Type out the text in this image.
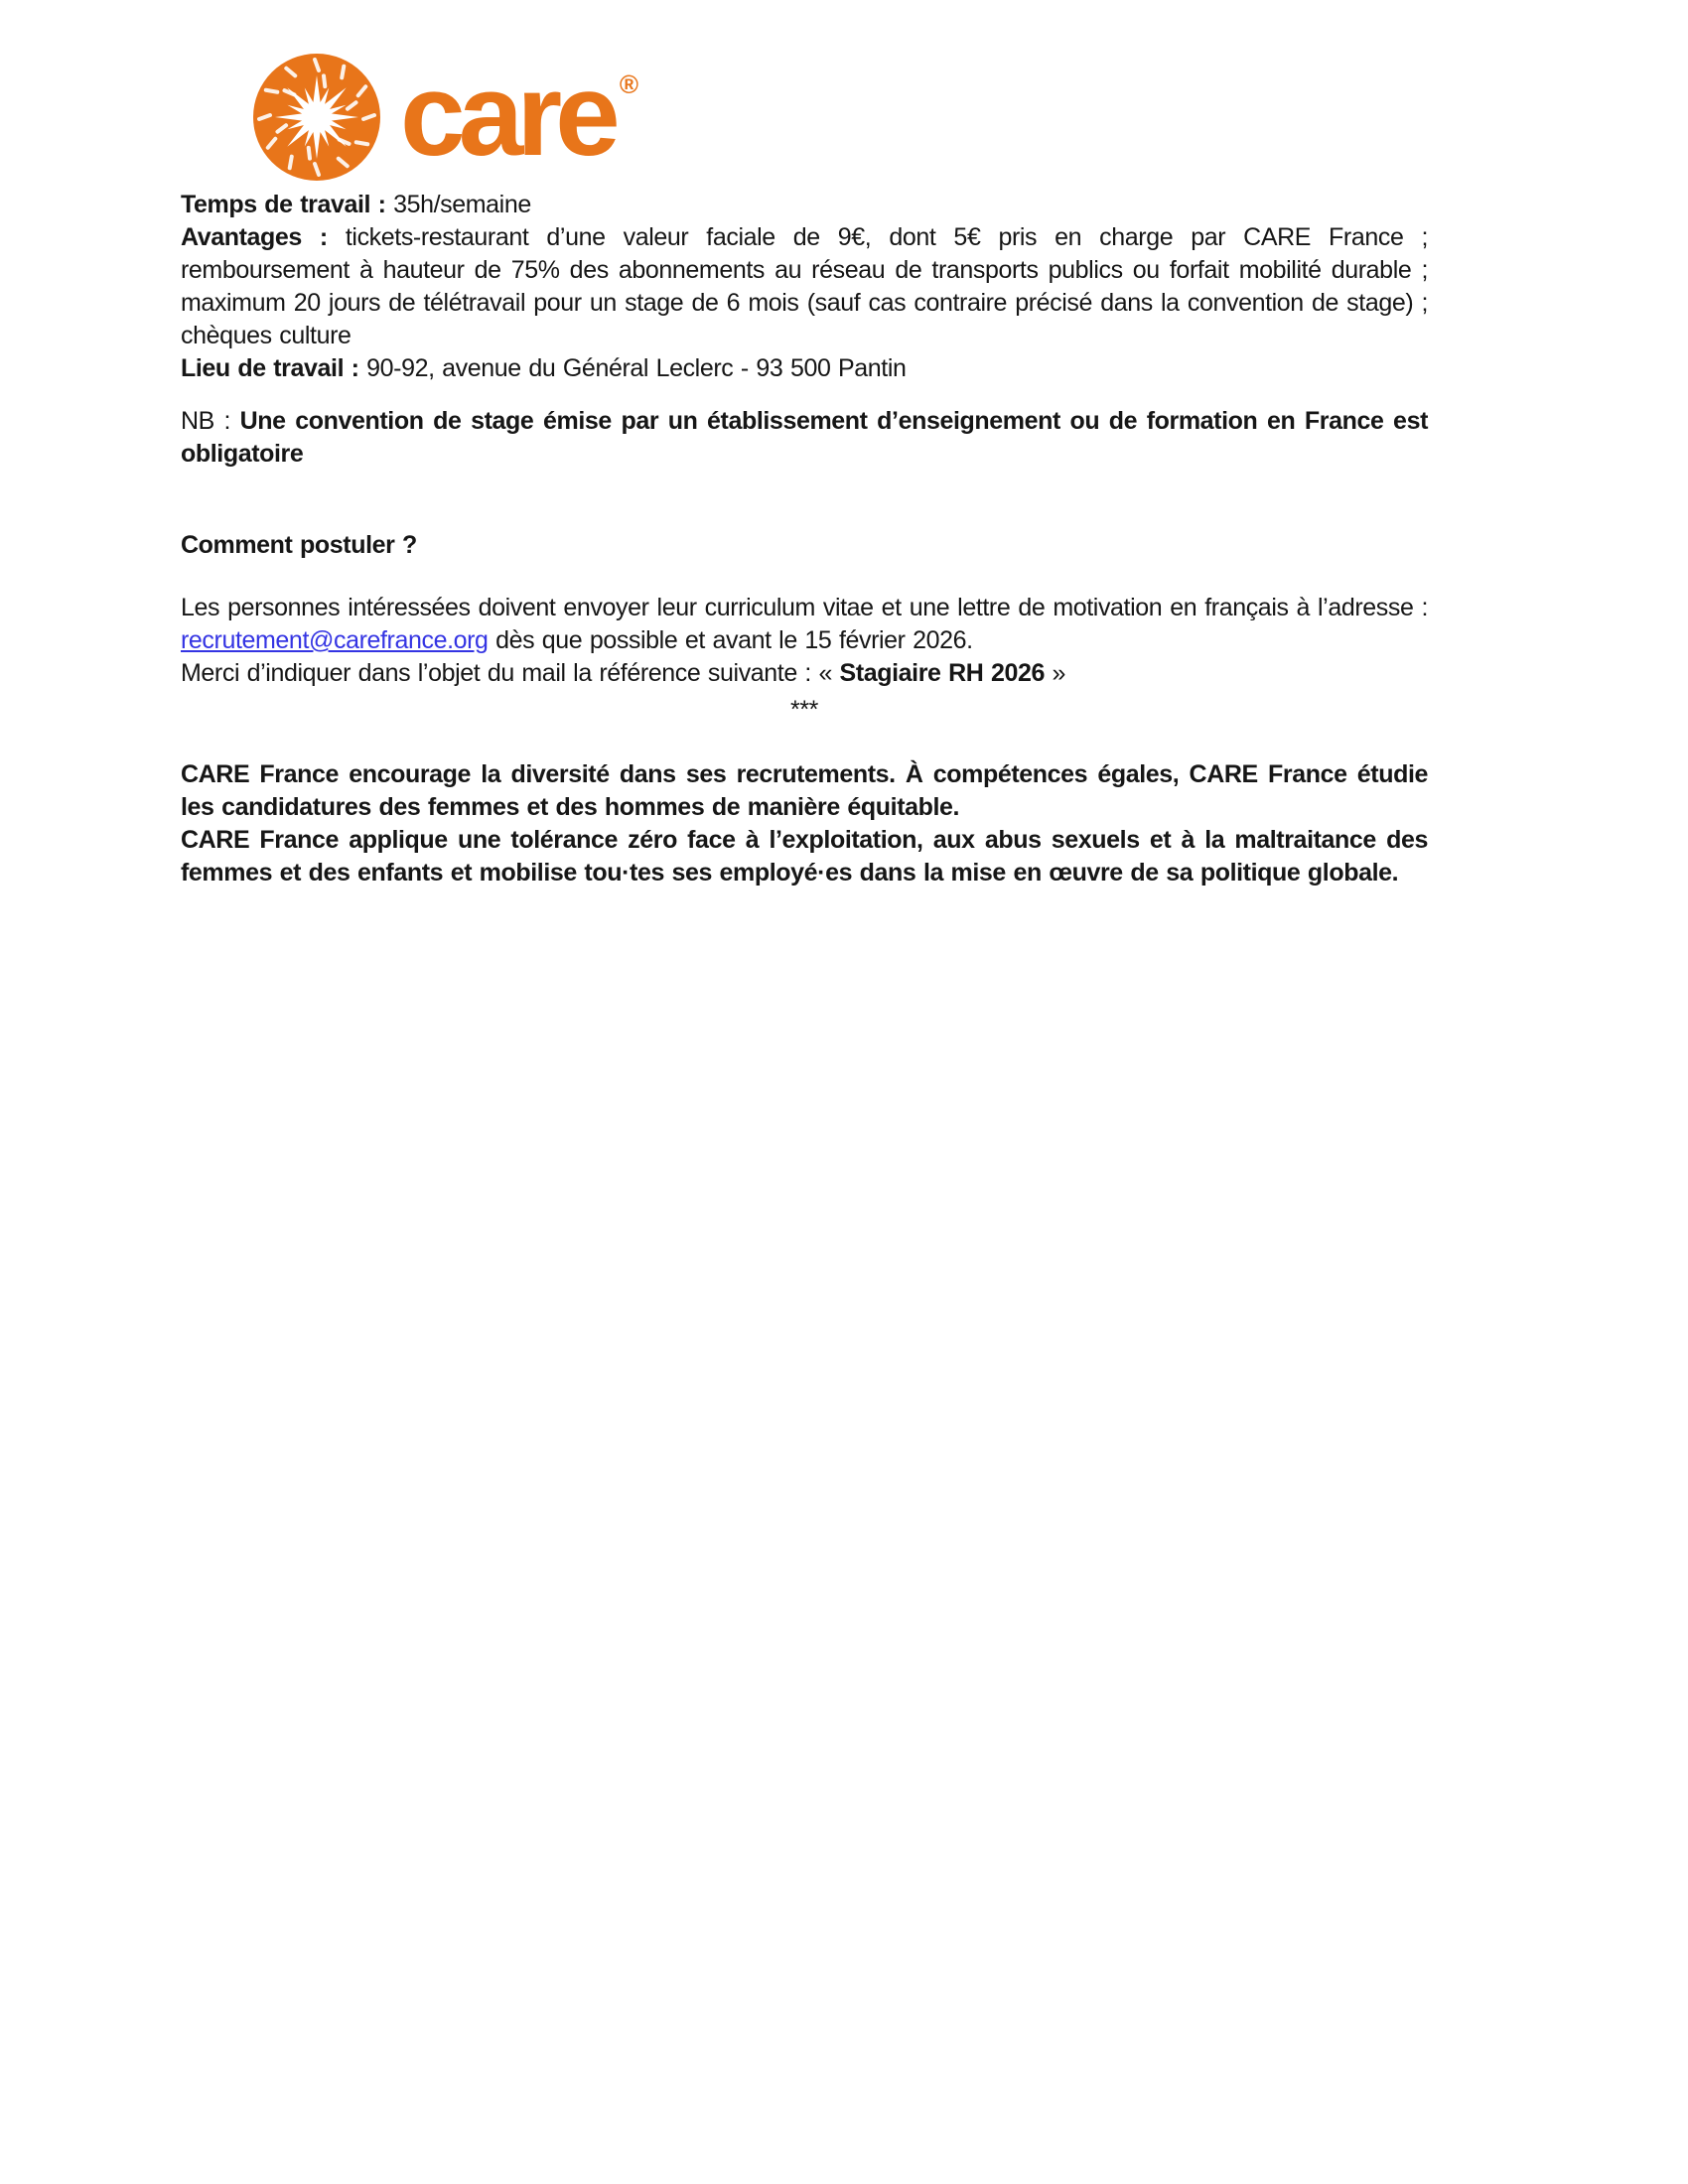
care ®

Temps de travail : 35h/semaine

Avantages : tickets-restaurant d’une valeur faciale de 9€, dont 5€ pris en charge par CARE France ; remboursement à hauteur de 75% des abonnements au réseau de transports publics ou forfait mobilité durable ; maximum 20 jours de télétravail pour un stage de 6 mois (sauf cas contraire précisé dans la convention de stage) ; chèques culture

Lieu de travail : 90-92, avenue du Général Leclerc - 93 500 Pantin

NB : Une convention de stage émise par un établissement d’enseignement ou de formation en France est obligatoire

Comment postuler ?

Les personnes intéressées doivent envoyer leur curriculum vitae et une lettre de motivation en français à l’adresse : recrutement@carefrance.org dès que possible et avant le 15 février 2026.

Merci d’indiquer dans l’objet du mail la référence suivante : « Stagiaire RH 2026 »

***

CARE France encourage la diversité dans ses recrutements. À compétences égales, CARE France étudie les candidatures des femmes et des hommes de manière équitable.

CARE France applique une tolérance zéro face à l’exploitation, aux abus sexuels et à la maltraitance des femmes et des enfants et mobilise tou·tes ses employé·es dans la mise en œuvre de sa politique globale.
